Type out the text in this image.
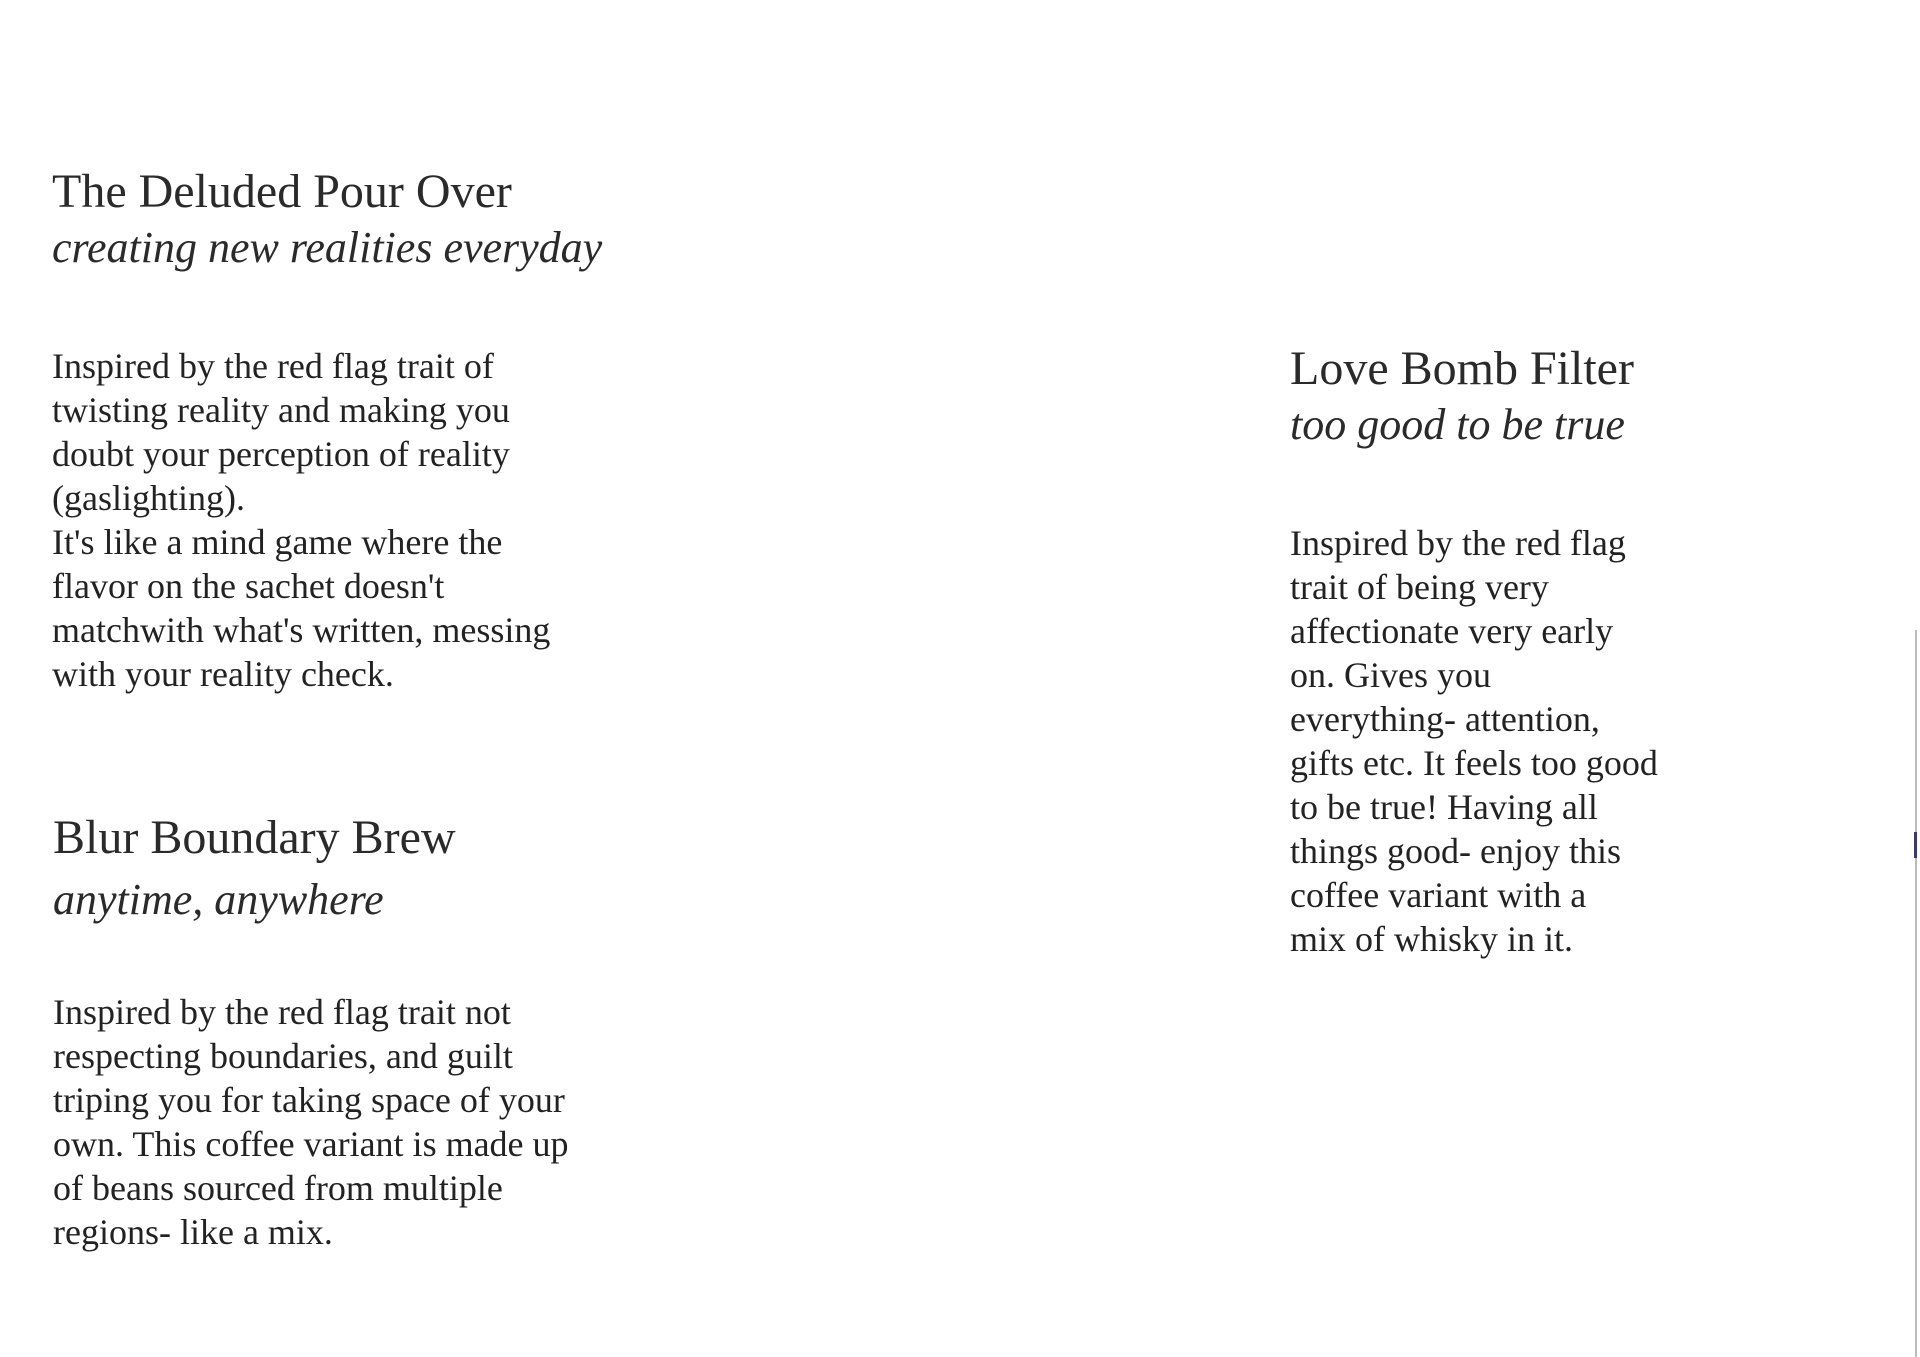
The Deluded Pour Over

creating new realities everyday

Inspired by the red flag trait of
twisting reality and making you
doubt your perception of reality
(gaslighting).
It's like a mind game where the
flavor on the sachet doesn't
matchwith what's written, messing
with your reality check.

Blur Boundary Brew

anytime, anywhere

Inspired by the red flag trait not
respecting boundaries, and guilt
triping you for taking space of your
own. This coffee variant is made up
of beans sourced from multiple
regions- like a mix.

Love Bomb Filter

too good to be true

Inspired by the red flag
trait of being very
affectionate very early
on. Gives you
everything- attention,
gifts etc. It feels too good
to be true! Having all
things good- enjoy this
coffee variant with a
mix of whisky in it.
